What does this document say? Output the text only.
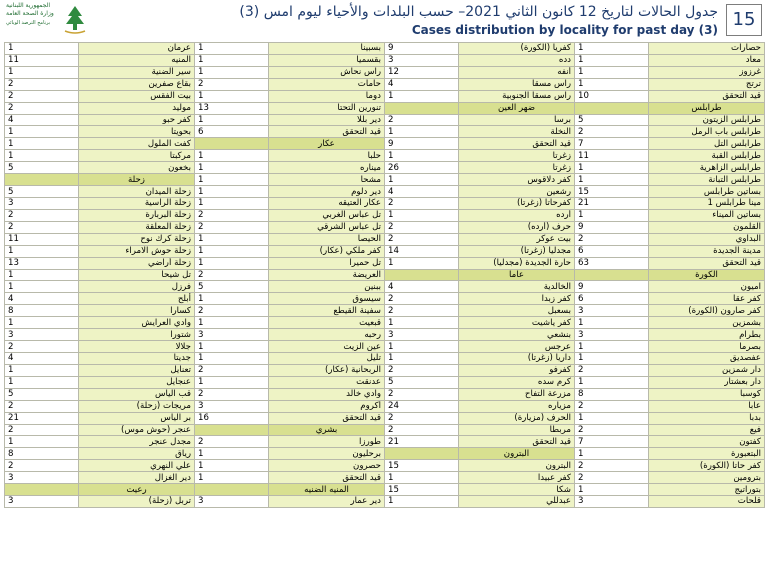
الجمهورية اللبنانية
وزارة الصحة العامة
برنامج الترصد الوبائي
جدول الحالات لتاريخ 12 كانون الثاني 2021– حسب البلدات والأحياء ليوم امس (3)
Cases distribution by locality for past day (3) 15
1	عرمان	1	بسبينا	9	كفريا (الكورة)	1	حصارات
11	المنيه	1	بقسميا	3	دده	1	معاد
1	سير الضنية	1	راس نحاش	12	أنفه	1	غرزوز
2	بقاع صفرين	2	حامات	4	راس مسقا	1	ترتج
2	بيت الفقس	1	دوما	1	راس مسقا الجنوبية	10	قيد التحقق
2	موليد	13	تنورين التحتا		ضهر العين		طرابلس
4	كفر حبو	1	دير بللا	2	برسا	5	طرابلس الزيتون
1	بحويتا	6	قيد التحقق	1	النخلة	2	طرابلس باب الرمل
1	كفت الملول		عكار	9	قيد التحقق	7	طرابلس التل
1	مركبتا	1	حلبا	1	زغرتا	11	طرابلس القبة
5	بخعون	1	ميناره	26	زغرتا	1	طرابلس الزاهرية
	زحلة	1	مشحا	1	كفر دلاقوس	1	طرابلس التبانة
5	زحلة الميدان	1	دير دلوم	4	رشعين	15	بساتين طرابلس
3	زحلة الراسية	1	عكار العتيقه	2	كفرحاتا (زغرتا)	21	مينا طرابلس 1
2	زحلة البربارة	2	تل عباس الغربي	1	أرده	1	بساتين الميناء
2	زحلة المعلقة	2	تل عباس الشرقي	2	حرف (أرده)	9	القلمون
11	زحلة كرك نوح	1	الحيصا	2	بيت عوكر	2	البداوي
1	زحلة حوش الامراء	1	كفر ملكي (عكار)	14	مجدليا (زغرتا)	6	مدينة الجديدة
13	زحلة أراضي	1	تل حميرا	1	حارة الجديدة (مجدليا)	63	قيد التحقق
1	تل شيحا	2	العريضة		عاما		الكورة
1	فرزل	5	ببنين	4	الخالدية	9	اميون
4	أبلح	1	سيسوق	2	كفر زبدا	6	كفر عقا
8	كسارا	2	سفينة القيطع	2	بسعبل	3	كفر صارون (الكورة)
1	وادي العرايش	1	قبعيت	1	كفر ياشيت	1	بشمزين
3	شتورا	3	رحبه	3	بنشعي	3	بطرام
2	جلالا	1	عين الزيت	1	عرجس	1	بصرما
4	جديتا	1	تليل	1	داريا (زغرتا)	1	عفصديق
1	تعنايل	2	الربحانية (عكار)	2	كفرفو	2	دار شمزين
1	عنجايل	1	عدنقت	5	كرم سده	1	دار بعشتار
5	قب الياس	2	وادي خالد	2	مزرعة التفاح	8	كوسبا
2	مريجات (زحلة)	3	أكروم	24	مزياره	2	عابا
21	بر الياس	16	قيد التحقق	2	الحرف (مزيارة)	1	بدبا
2	عنجر (حوش موس)		بشري	2	مربطا	2	فيع
1	مجدل عنجر	2	طورزا	21	قيد التحقق	7	كفتون
8	رياق	1	برحليون		البترون	1	البتعبورة
2	علي النهري	1	حصرون	15	البترون	2	كفر حاتا (الكورة)
3	دير الغزال	1	قيد التحقق	1	كفر عبيدا	2	بترومين
	رعيت		المنيه الضنيه	15	شكا	1	بتوراتيج
3	تربل (زحلة)	3	دير عمار	1	عبدللي	3	قلحات
